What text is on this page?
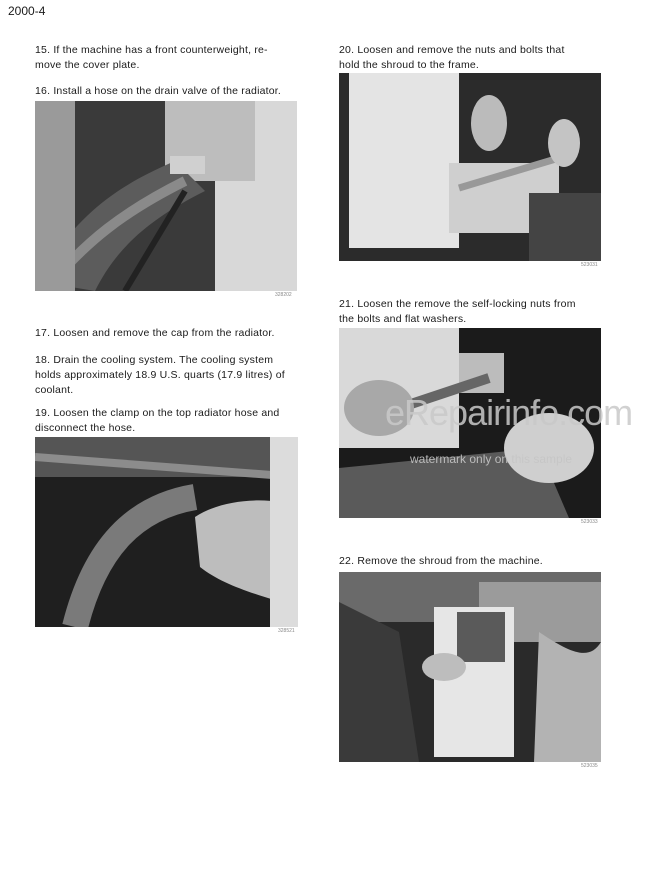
2000-4
15. If the machine has a front counterweight, re-
move the cover plate.
16. Install a hose on the drain valve of the radiator.
328202
17. Loosen and remove the cap from the radiator.
18. Drain the cooling system. The cooling system
holds approximately 18.9 U.S. quarts (17.9 litres) of
coolant.
19. Loosen the clamp on the top radiator hose and
disconnect the hose.
328521
20. Loosen and remove the nuts and bolts that
hold the shroud to the frame.
523031
21. Loosen the remove the self-locking nuts from
the bolts and flat washers.
523033
22. Remove the shroud from the machine.
523035
eRepairinfo.com
watermark only on this sample
